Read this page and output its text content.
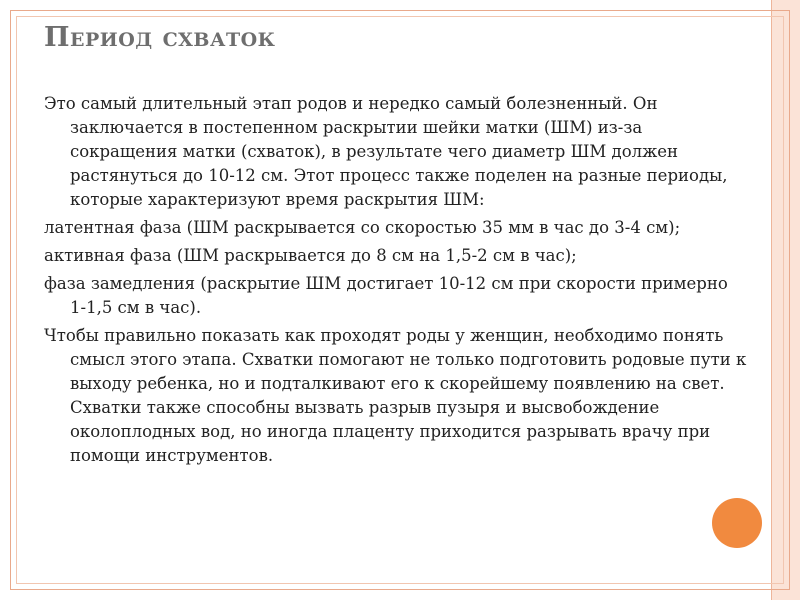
Период схваток

Это самый длительный этап родов и нередко самый болезненный. Он заключается в постепенном раскрытии шейки матки (ШМ) из-за сокращения матки (схваток), в результате чего диаметр ШМ должен растянуться до 10-12 см. Этот процесс также поделен на разные периоды, которые характеризуют время раскрытия ШМ:

латентная фаза (ШМ раскрывается со скоростью 35 мм в час до 3-4 см);

активная фаза (ШМ раскрывается до 8 см на 1,5-2 см в час);

фаза замедления (раскрытие ШМ достигает 10-12 см при скорости примерно 1-1,5 см в час).

Чтобы правильно показать как проходят роды у женщин, необходимо понять смысл этого этапа. Схватки помогают не только подготовить родовые пути к выходу ребенка, но и подталкивают его к скорейшему появлению на свет. Схватки также способны вызвать разрыв пузыря и высвобождение околоплодных вод, но иногда плаценту приходится разрывать врачу при помощи инструментов.
